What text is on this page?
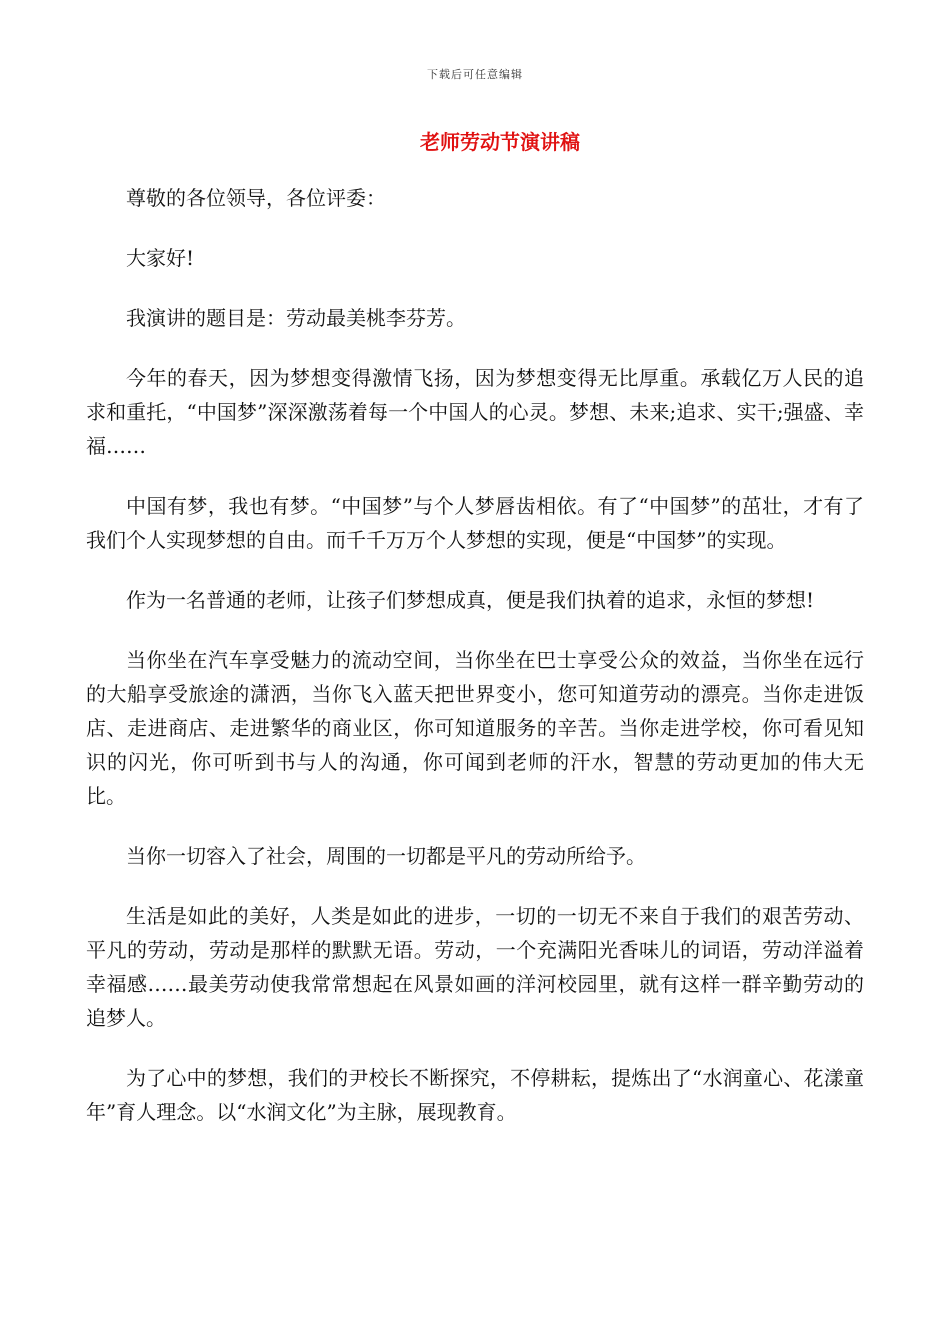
下载后可任意编辑
老师劳动节演讲稿

尊敬的各位领导，各位评委：

大家好!

我演讲的题目是：劳动最美桃李芬芳。

今年的春天，因为梦想变得激情飞扬，因为梦想变得无比厚重。承载亿万人民的追求和重托，“中国梦”深深激荡着每一个中国人的心灵。梦想、未来;追求、实干;强盛、幸福……

中国有梦，我也有梦。“中国梦”与个人梦唇齿相依。有了“中国梦”的茁壮，才有了我们个人实现梦想的自由。而千千万万个人梦想的实现，便是“中国梦”的实现。

作为一名普通的老师，让孩子们梦想成真，便是我们执着的追求，永恒的梦想!

当你坐在汽车享受魅力的流动空间，当你坐在巴士享受公众的效益，当你坐在远行的大船享受旅途的潇洒，当你飞入蓝天把世界变小，您可知道劳动的漂亮。当你走进饭店、走进商店、走进繁华的商业区，你可知道服务的辛苦。当你走进学校，你可看见知识的闪光，你可听到书与人的沟通，你可闻到老师的汗水，智慧的劳动更加的伟大无比。

当你一切容入了社会，周围的一切都是平凡的劳动所给予。

生活是如此的美好，人类是如此的进步，一切的一切无不来自于我们的艰苦劳动、平凡的劳动，劳动是那样的默默无语。劳动，一个充满阳光香味儿的词语，劳动洋溢着幸福感……最美劳动使我常常想起在风景如画的洋河校园里，就有这样一群辛勤劳动的追梦人。

为了心中的梦想，我们的尹校长不断探究，不停耕耘，提炼出了“水润童心、花漾童年”育人理念。以“水润文化”为主脉，展现教育。
